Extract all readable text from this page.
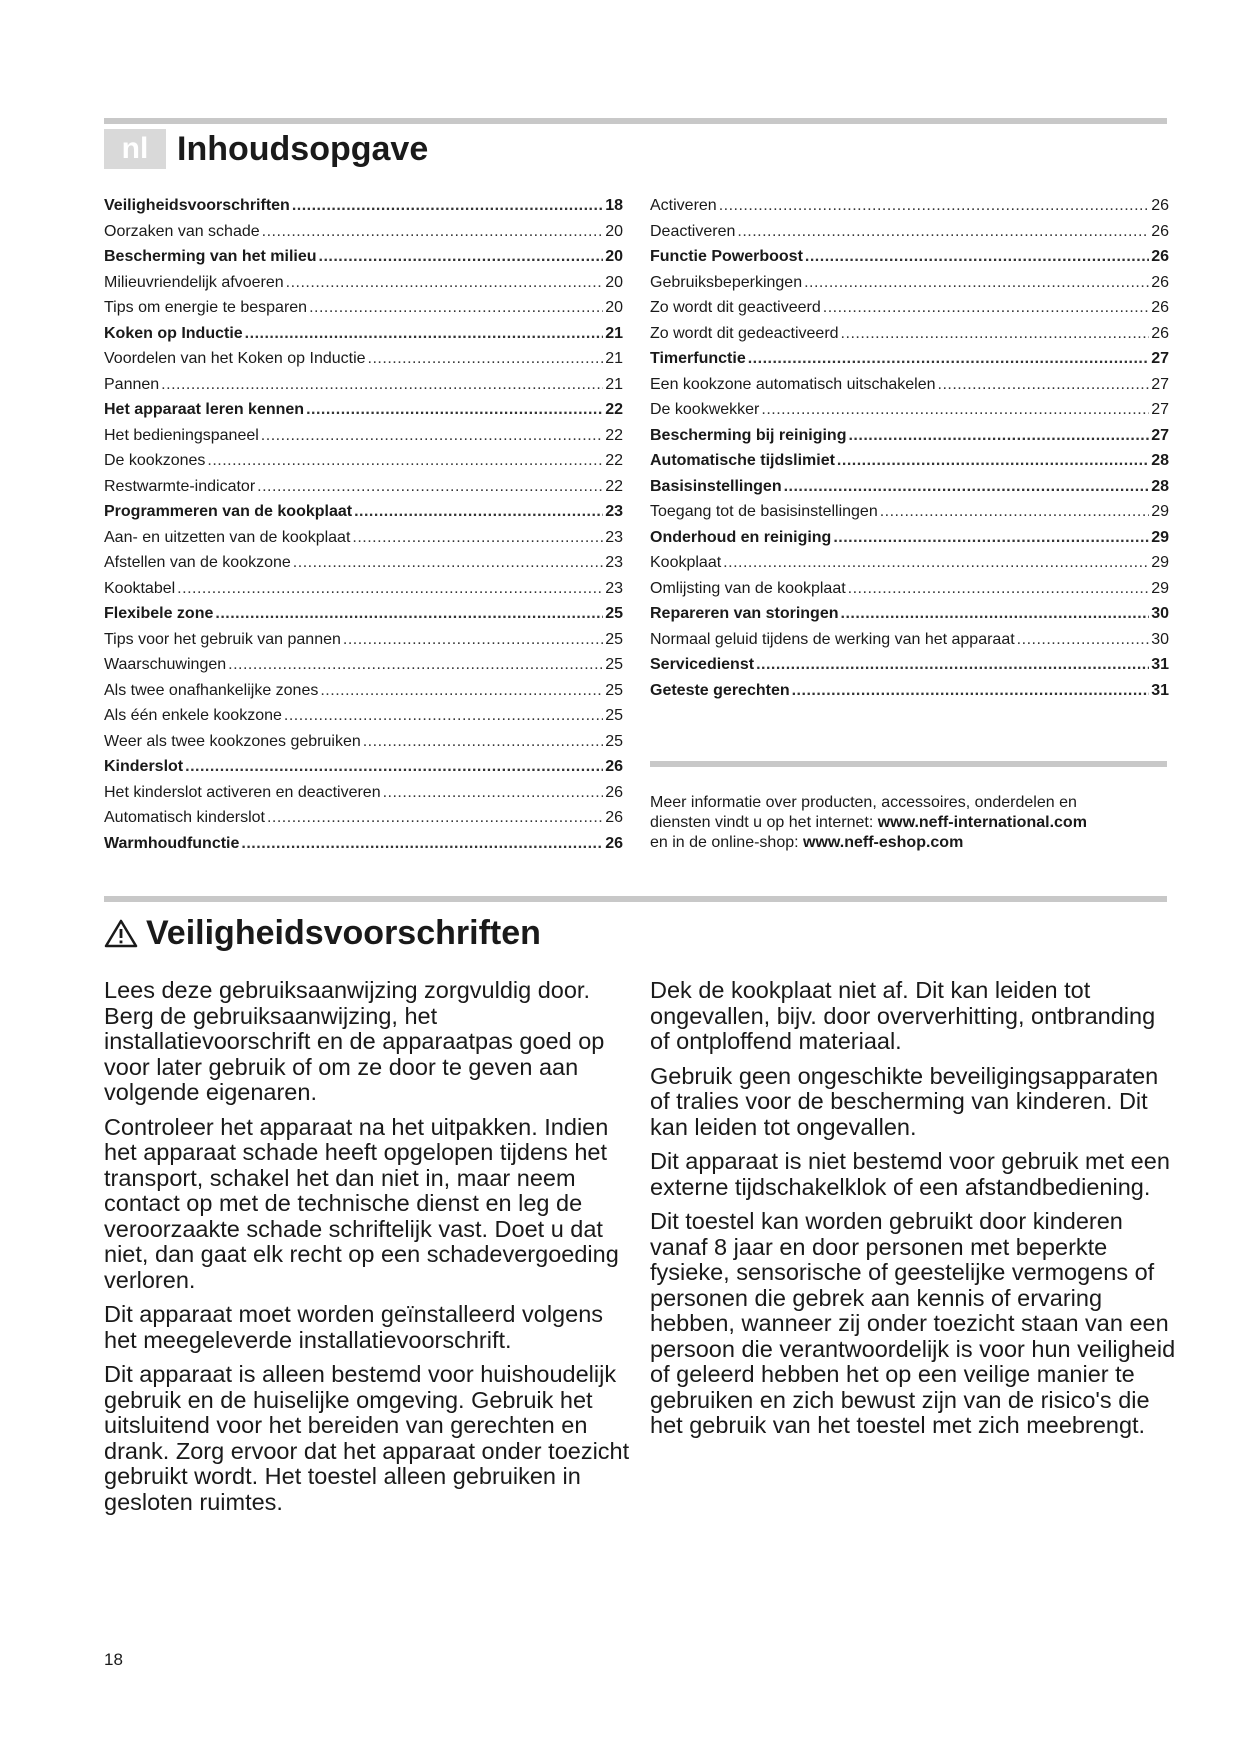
nl Inhoudsopgave
Veiligheidsvoorschriften .....	18
Oorzaken van schade .....	20
Bescherming van het milieu .....	20
Milieuvriendelijk afvoeren .....	20
Tips om energie te besparen .....	20
Koken op Inductie .....	21
Voordelen van het Koken op Inductie .....	21
Pannen .....	21
Het apparaat leren kennen .....	22
Het bedieningspaneel .....	22
De kookzones .....	22
Restwarmte-indicator .....	22
Programmeren van de kookplaat .....	23
Aan- en uitzetten van de kookplaat .....	23
Afstellen van de kookzone .....	23
Kooktabel .....	23
Flexibele zone .....	25
Tips voor het gebruik van pannen .....	25
Waarschuwingen .....	25
Als twee onafhankelijke zones .....	25
Als één enkele kookzone .....	25
Weer als twee kookzones gebruiken .....	25
Kinderslot .....	26
Het kinderslot activeren en deactiveren .....	26
Automatisch kinderslot .....	26
Warmhoudfunctie .....	26
Activeren .....	26
Deactiveren .....	26
Functie Powerboost .....	26
Gebruiksbeperkingen .....	26
Zo wordt dit geactiveerd .....	26
Zo wordt dit gedeactiveerd .....	26
Timerfunctie .....	27
Een kookzone automatisch uitschakelen .....	27
De kookwekker .....	27
Bescherming bij reiniging .....	27
Automatische tijdslimiet .....	28
Basisinstellingen .....	28
Toegang tot de basisinstellingen .....	29
Onderhoud en reiniging .....	29
Kookplaat .....	29
Omlijsting van de kookplaat .....	29
Repareren van storingen .....	30
Normaal geluid tijdens de werking van het apparaat .....	30
Servicedienst .....	31
Geteste gerechten .....	31

Meer informatie over producten, accessoires, onderdelen en
diensten vindt u op het internet: www.neff-international.com
en in de online-shop: www.neff-eshop.com

Veiligheidsvoorschriften

Lees deze gebruiksaanwijzing zorgvuldig door. Berg de gebruiksaanwijzing, het installatievoorschrift en de apparaatpas goed op voor later gebruik of om ze door te geven aan volgende eigenaren.

Controleer het apparaat na het uitpakken. Indien het apparaat schade heeft opgelopen tijdens het transport, schakel het dan niet in, maar neem contact op met de technische dienst en leg de veroorzaakte schade schriftelijk vast. Doet u dat niet, dan gaat elk recht op een schadevergoeding verloren.

Dit apparaat moet worden geïnstalleerd volgens het meegeleverde installatievoorschrift.

Dit apparaat is alleen bestemd voor huishoudelijk gebruik en de huiselijke omgeving. Gebruik het uitsluitend voor het bereiden van gerechten en drank. Zorg ervoor dat het apparaat onder toezicht gebruikt wordt. Het toestel alleen gebruiken in gesloten ruimtes.

Dek de kookplaat niet af. Dit kan leiden tot ongevallen, bijv. door oververhitting, ontbranding of ontploffend materiaal.

Gebruik geen ongeschikte beveiligingsapparaten of tralies voor de bescherming van kinderen. Dit kan leiden tot ongevallen.

Dit apparaat is niet bestemd voor gebruik met een externe tijdschakelklok of een afstandbediening.

Dit toestel kan worden gebruikt door kinderen vanaf 8 jaar en door personen met beperkte fysieke, sensorische of geestelijke vermogens of personen die gebrek aan kennis of ervaring hebben, wanneer zij onder toezicht staan van een persoon die verantwoordelijk is voor hun veiligheid of geleerd hebben het op een veilige manier te gebruiken en zich bewust zijn van de risico's die het gebruik van het toestel met zich meebrengt.

18
